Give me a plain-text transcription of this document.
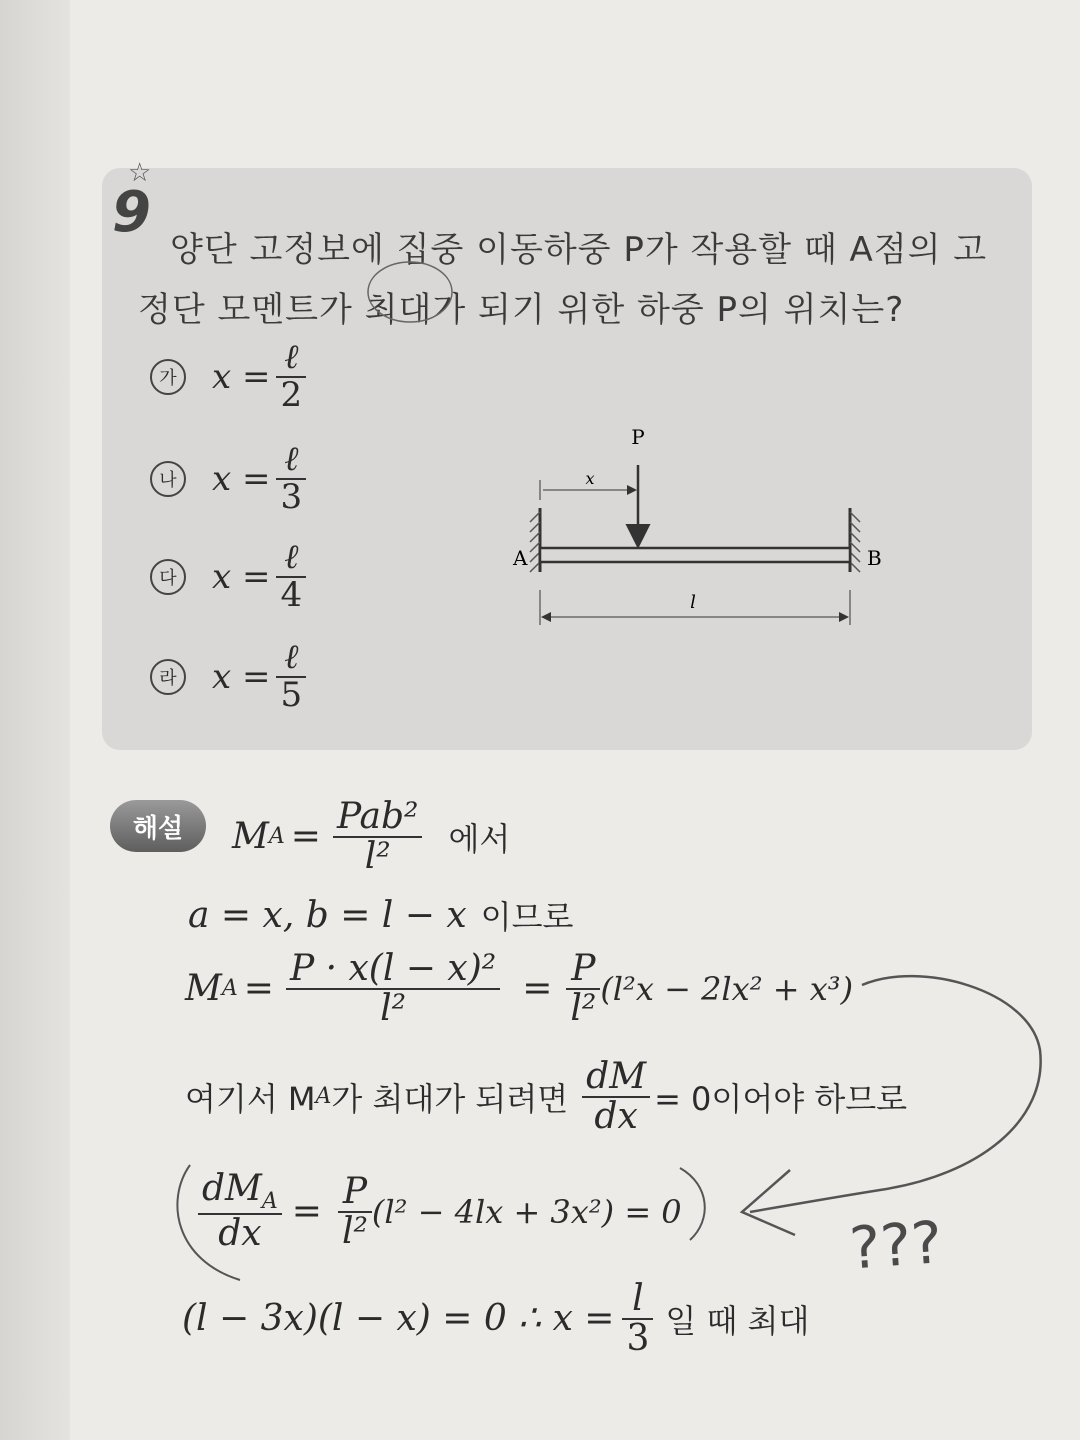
☆
9
양단 고정보에 집중 이동하중 P가 작용할 때 A점의 고
정단 모멘트가 최대가 되기 위한 하중 P의 위치는?
가 $x = \frac{\text{ℓ}}{2}$
나 $x = \frac{\text{ℓ}}{3}$
다 $x = \frac{\text{ℓ}}{4}$
라 $x = \frac{\text{ℓ}}{5}$
P
x
A	B
l
해설	M $A = \frac{\text{Pab²}}{\text{l²}}$ 에서
a = x, b = l − x 이므로
M $A = \frac{\text{P · x(l − x)²}}{\text{l²}} = \frac{P}{\text{l²}} (l^2x - 2lx^2 + x^3)$
여기서 M A 가 최대가 되려면 $\frac{dM}{dx} = 0$이어야 하므로
$\frac{dM_A}{dx} = \frac{P}{\text{l²}} (l^2 - 4lx + 3x^2) = 0$
(l − 3x)(l − x) = 0 ∴ $x = \frac{l}{3}$ 일 때 최대
???
